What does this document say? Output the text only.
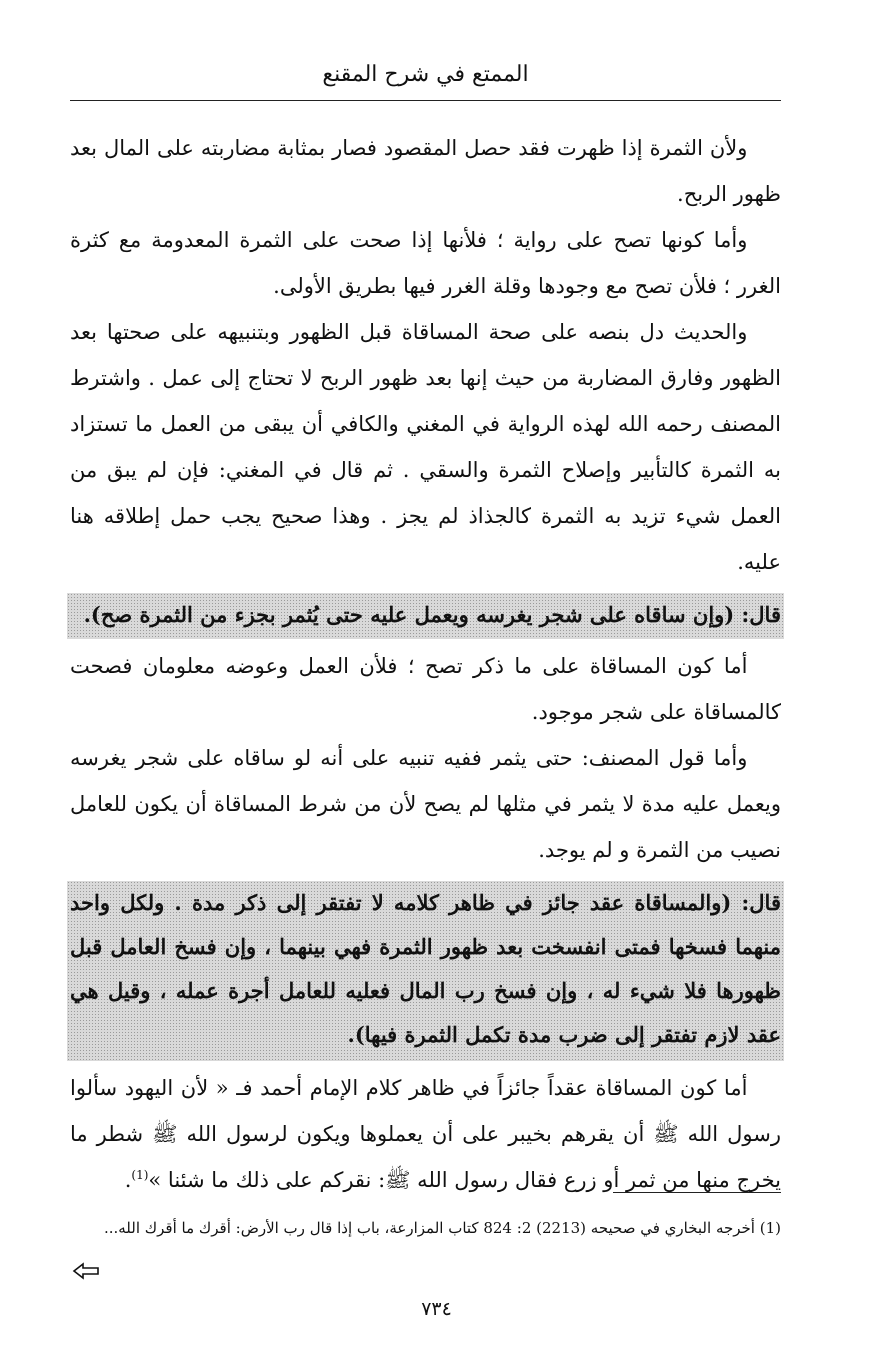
الممتع في شرح المقنع

ولأن الثمرة إذا ظهرت فقد حصل المقصود فصار بمثابة مضاربته على المال بعد ظهور الربح.

وأما كونها تصح على رواية ؛ فلأنها إذا صحت على الثمرة المعدومة مع كثرة الغرر ؛ فلأن تصح مع وجودها وقلة الغرر فيها بطريق الأولى.

والحديث دل بنصه على صحة المساقاة قبل الظهور وبتنبيهه على صحتها بعد الظهور وفارق المضاربة من حيث إنها بعد ظهور الربح لا تحتاج إلى عمل . واشترط المصنف رحمه الله لهذه الرواية في المغني والكافي أن يبقى من العمل ما تستزاد به الثمرة كالتأبير وإصلاح الثمرة والسقي . ثم قال في المغني: فإن لم يبق من العمل شيء تزيد به الثمرة كالجذاذ لم يجز . وهذا صحيح يجب حمل إطلاقه هنا عليه.

قال: (وإن ساقاه على شجر يغرسه ويعمل عليه حتى يُثمر بجزء من الثمرة صح).

أما كون المساقاة على ما ذكر تصح ؛ فلأن العمل وعوضه معلومان فصحت كالمساقاة على شجر موجود.

وأما قول المصنف: حتى يثمر ففيه تنبيه على أنه لو ساقاه على شجر يغرسه ويعمل عليه مدة لا يثمر في مثلها لم يصح لأن من شرط المساقاة أن يكون للعامل نصيب من الثمرة و لم يوجد.

قال: (والمساقاة عقد جائز في ظاهر كلامه لا تفتقر إلى ذكر مدة . ولكل واحد منهما فسخها فمتى انفسخت بعد ظهور الثمرة فهي بينهما ، وإن فسخ العامل قبل ظهورها فلا شيء له ، وإن فسخ رب المال فعليه للعامل أجرة عمله ، وقيل هي عقد لازم تفتقر إلى ضرب مدة تكمل الثمرة فيها).

أما كون المساقاة عقداً جائزاً في ظاهر كلام الإمام أحمد فـ « لأن اليهود سألوا رسول الله ﷺ أن يقرهم بخيبر على أن يعملوها ويكون لرسول الله ﷺ شطر ما يخرج منها من ثمر أو زرع فقال رسول الله ﷺ: نقركم على ذلك ما شئنا »$^{(1)}$.

(1) أخرجه البخاري في صحيحه (2213) 2: 824 كتاب المزارعة، باب إذا قال رب الأرض: أقرك ما أقرك الله...
٧٣٤
